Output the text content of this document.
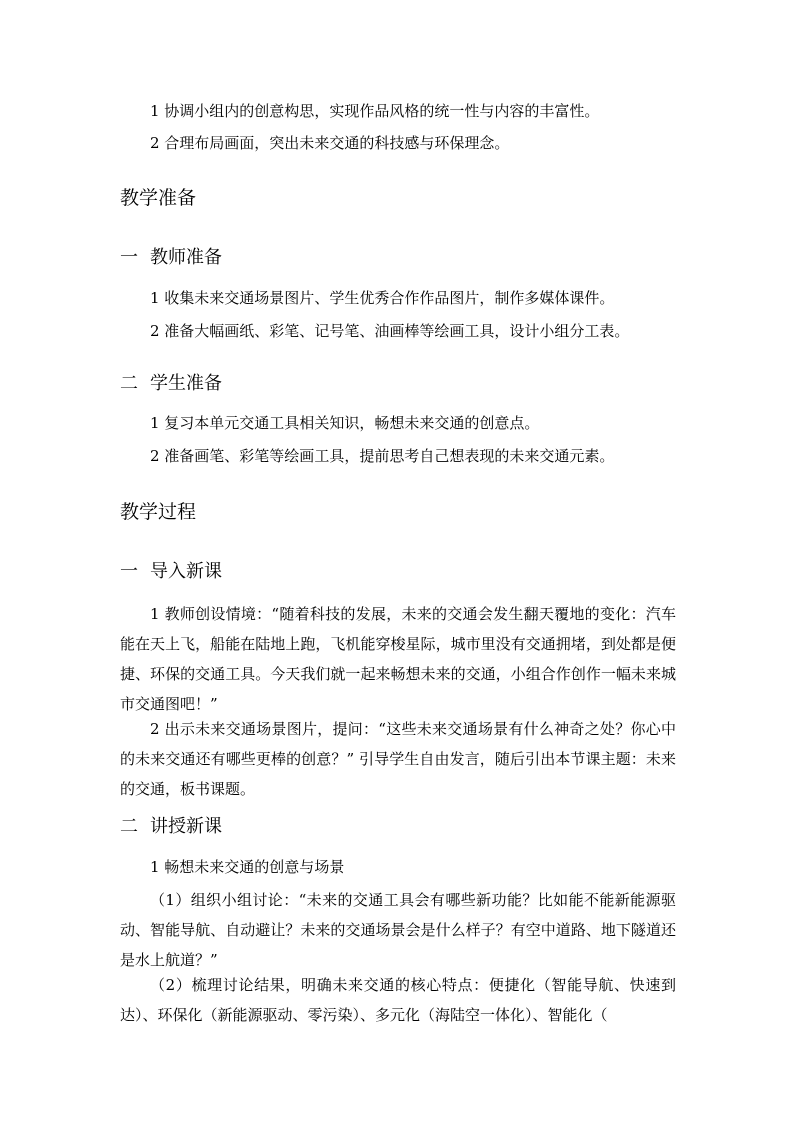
1 协调小组内的创意构思，实现作品风格的统一性与内容的丰富性。
2 合理布局画面，突出未来交通的科技感与环保理念。
教学准备
一 教师准备
1 收集未来交通场景图片、学生优秀合作作品图片，制作多媒体课件。
2 准备大幅画纸、彩笔、记号笔、油画棒等绘画工具，设计小组分工表。
二 学生准备
1 复习本单元交通工具相关知识，畅想未来交通的创意点。
2 准备画笔、彩笔等绘画工具，提前思考自己想表现的未来交通元素。
教学过程
一 导入新课
1 教师创设情境：“随着科技的发展，未来的交通会发生翻天覆地的变化：汽车能在天上飞，船能在陆地上跑，飞机能穿梭星际，城市里没有交通拥堵，到处都是便捷、环保的交通工具。今天我们就一起来畅想未来的交通，小组合作创作一幅未来城市交通图吧！”
2 出示未来交通场景图片，提问：“这些未来交通场景有什么神奇之处？你心中的未来交通还有哪些更棒的创意？” 引导学生自由发言，随后引出本节课主题：未来的交通，板书课题。
二 讲授新课
1 畅想未来交通的创意与场景
（1）组织小组讨论：“未来的交通工具会有哪些新功能？比如能不能新能源驱动、智能导航、自动避让？未来的交通场景会是什么样子？有空中道路、地下隧道还是水上航道？”
（2）梳理讨论结果，明确未来交通的核心特点：便捷化（智能导航、快速到达）、环保化（新能源驱动、零污染）、多元化（海陆空一体化）、智能化（
